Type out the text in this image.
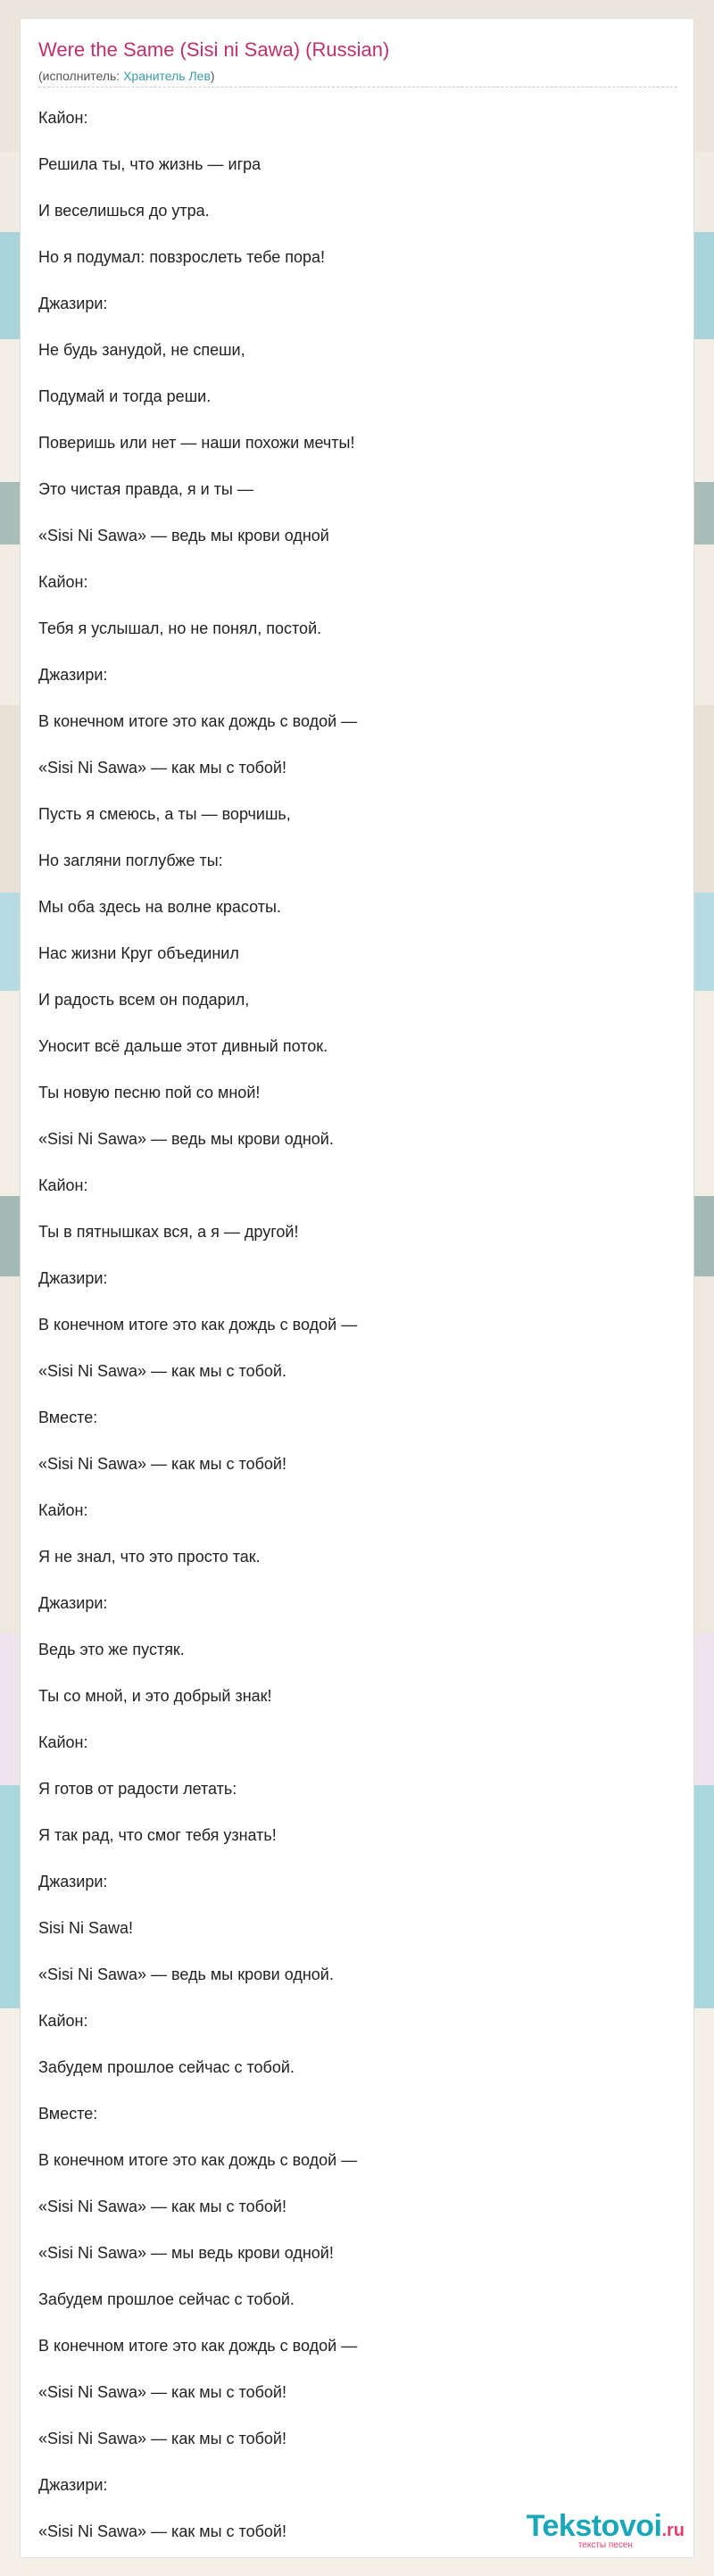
Were the Same (Sisi ni Sawa) (Russian)
(исполнитель: Хранитель Лев)
Кайон:
Решила ты, что жизнь — игра
И веселишься до утра.
Но я подумал: повзрослеть тебе пора!
Джазири:
Не будь занудой, не спеши,
Подумай и тогда реши.
Поверишь или нет — наши похожи мечты!
Это чистая правда, я и ты —
«Sisi Ni Sawa» — ведь мы крови одной
Кайон:
Тебя я услышал, но не понял, постой.
Джазири:
В конечном итоге это как дождь с водой —
«Sisi Ni Sawa» — как мы с тобой!
Пусть я смеюсь, а ты — ворчишь,
Но загляни поглубже ты:
Мы оба здесь на волне красоты.
Нас жизни Круг объединил
И радость всем он подарил,
Уносит всё дальше этот дивный поток.
Ты новую песню пой со мной!
«Sisi Ni Sawa» — ведь мы крови одной.
Кайон:
Ты в пятнышках вся, а я — другой!
Джазири:
В конечном итоге это как дождь с водой —
«Sisi Ni Sawa» — как мы с тобой.
Вместе:
«Sisi Ni Sawa» — как мы с тобой!
Кайон:
Я не знал, что это просто так.
Джазири:
Ведь это же пустяк.
Ты со мной, и это добрый знак!
Кайон:
Я готов от радости летать:
Я так рад, что смог тебя узнать!
Джазири:
Sisi Ni Sawa!
«Sisi Ni Sawa» — ведь мы крови одной.
Кайон:
Забудем прошлое сейчас с тобой.
Вместе:
В конечном итоге это как дождь с водой —
«Sisi Ni Sawa» — как мы с тобой!
«Sisi Ni Sawa» — мы ведь крови одной!
Забудем прошлое сейчас с тобой.
В конечном итоге это как дождь с водой —
«Sisi Ni Sawa» — как мы с тобой!
«Sisi Ni Sawa» — как мы с тобой!
Джазири:
«Sisi Ni Sawa» — как мы с тобой!	Tekstovoi.ru
тексты песен
